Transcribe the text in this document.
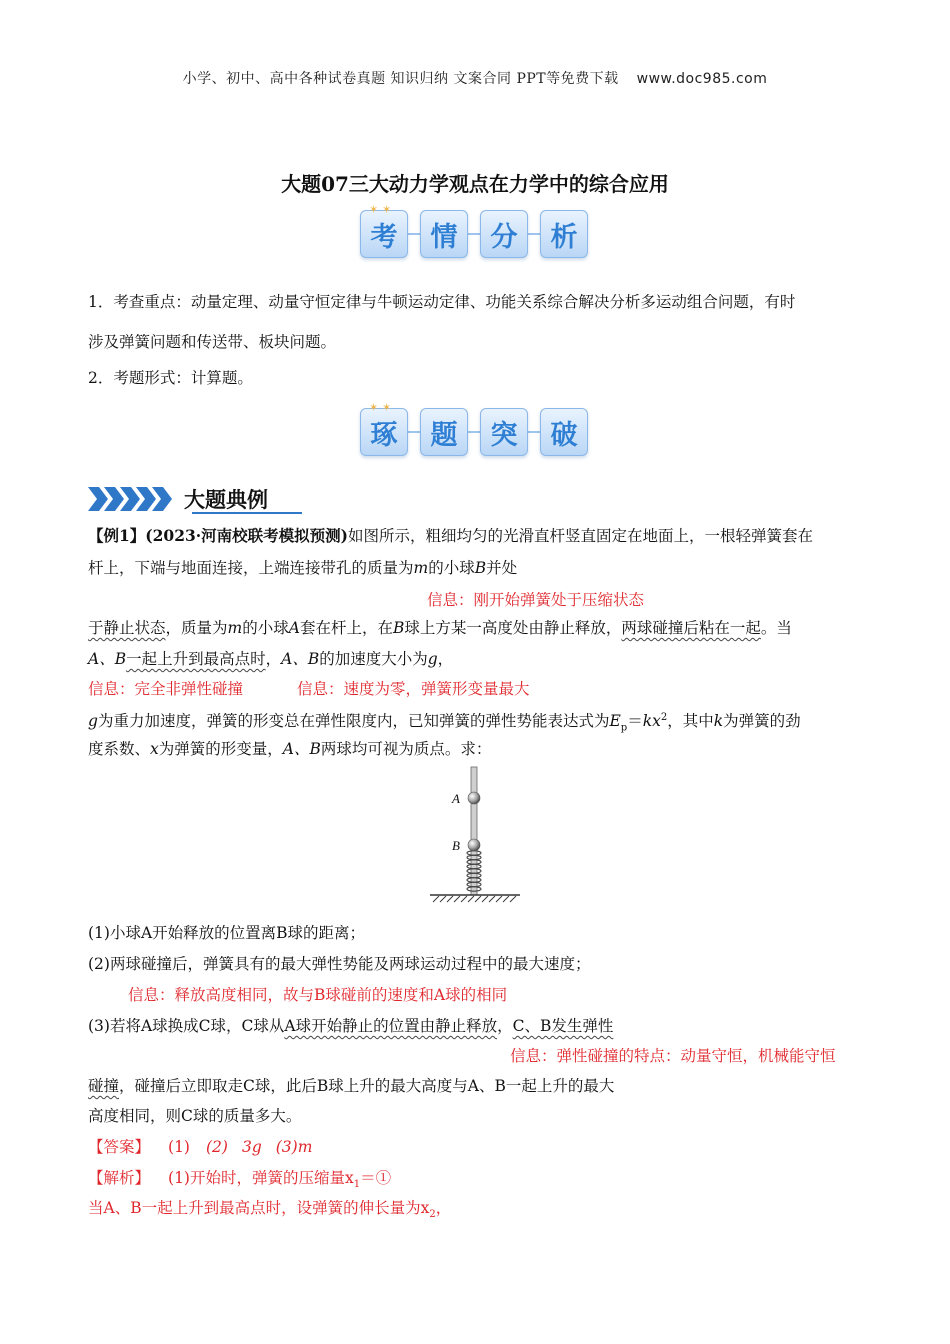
小学、初中、高中各种试卷真题 知识归纳 文案合同 PPT等免费下载 www.doc985.com
大题07三大动力学观点在力学中的综合应用
✶ ✶
考 情 分 析
1．考查重点：动量定理、动量守恒定律与牛顿运动定律、功能关系综合解决分析多运动组合问题，有时
涉及弹簧问题和传送带、板块问题。
2．考题形式：计算题。
✶ ✶
琢 题 突 破
大题典例
【例1】(2023·河南校联考模拟预测)如图所示，粗细均匀的光滑直杆竖直固定在地面上，一根轻弹簧套在
杆上，下端与地面连接，上端连接带孔的质量为m的小球B并处
信息：刚开始弹簧处于压缩状态
于静止状态，质量为m的小球A套在杆上，在B球上方某一高度处由静止释放，两球碰撞后粘在一起。当
A、B一起上升到最高点时，A、B的加速度大小为g，
信息：完全非弹性碰撞	信息：速度为零，弹簧形变量最大
g为重力加速度，弹簧的形变总在弹性限度内，已知弹簧的弹性势能表达式为$E_p=kx^2$，其中k为弹簧的劲
度系数、x为弹簧的形变量，A、B两球均可视为质点。求：
A
B
(1)小球A开始释放的位置离B球的距离；
(2)两球碰撞后，弹簧具有的最大弹性势能及两球运动过程中的最大速度；
信息：释放高度相同，故与B球碰前的速度和A球的相同
(3)若将A球换成C球，C球从A球开始静止的位置由静止释放，C、B发生弹性
信息：弹性碰撞的特点：动量守恒，机械能守恒
碰撞，碰撞后立即取走C球，此后B球上升的最大高度与A、B一起上升的最大
高度相同，则C球的质量多大。
【答案】 (1) (2) 3g (3)m
【解析】 (1)开始时，弹簧的压缩量$x_1=①$
当A、B一起上升到最高点时，设弹簧的伸长量为$x_2$，
